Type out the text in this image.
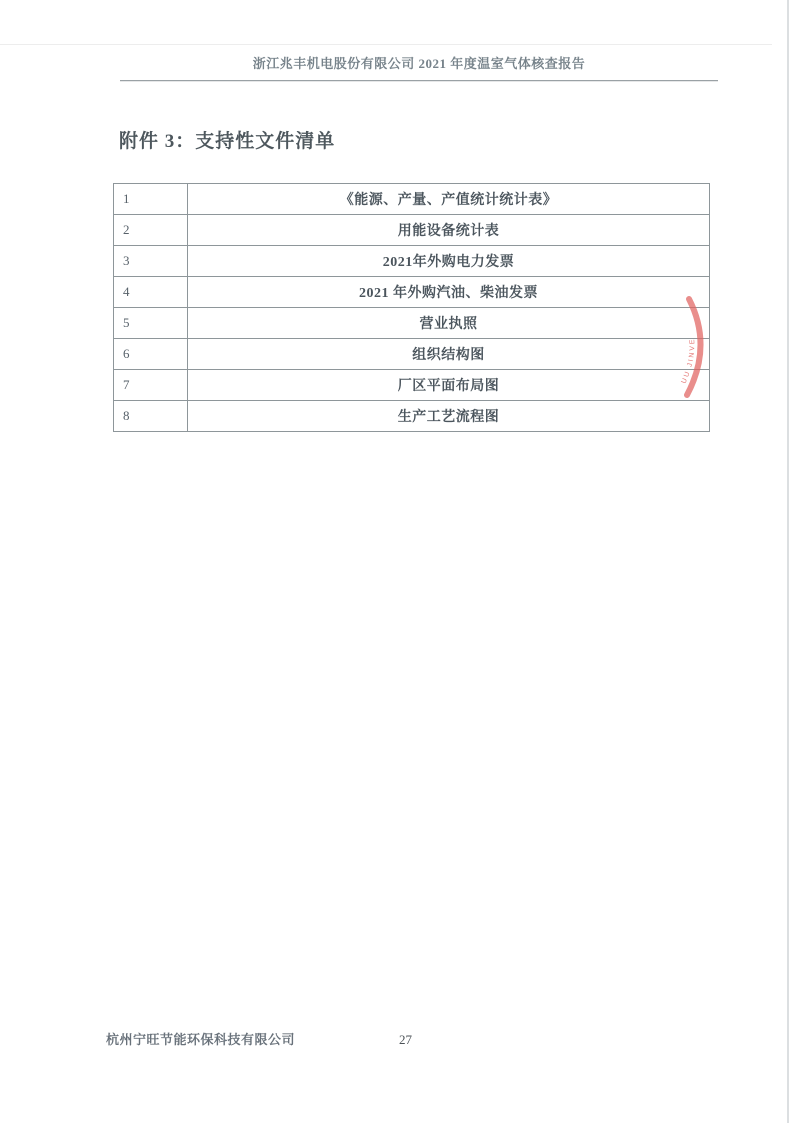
浙江兆丰机电股份有限公司 2021 年度温室气体核查报告
附件 3：支持性文件清单
1	《能源、产量、产值统计统计表》
2	用能设备统计表
3	2021年外购电力发票
4	2021 年外购汽油、柴油发票
5	营业执照
6	组织结构图
7	厂区平面布局图
8	生产工艺流程图
UU JINVE
杭州宁旺节能环保科技有限公司	27
